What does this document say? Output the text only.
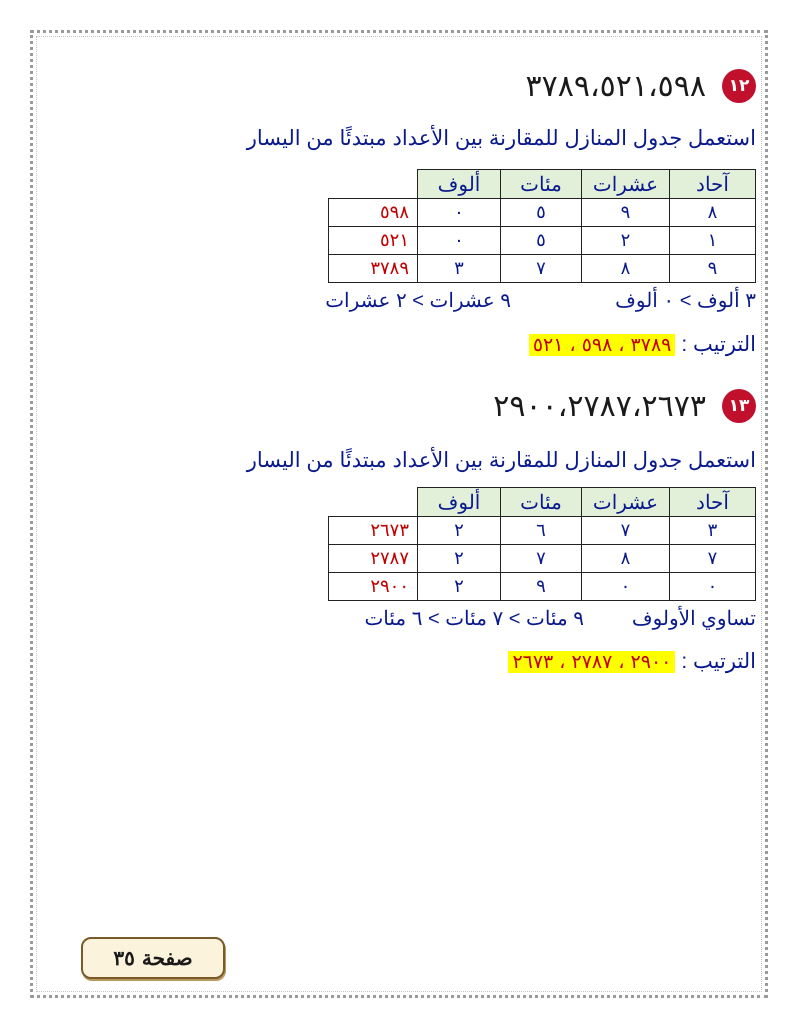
١٢
٣٧٨٩،٥٢١،٥٩٨
استعمل جدول المنازل للمقارنة بين الأعداد مبتدئًا من اليسار
آحاد	عشرات	مئات	ألوف	
٨	٩	٥	٠	٥٩٨
١	٢	٥	٠	٥٢١
٩	٨	٧	٣	٣٧٨٩
٣ ألوف > ٠ ألوف
٩ عشرات > ٢ عشرات
الترتيب :
٣٧٨٩ ، ٥٩٨ ، ٥٢١
١٣
٢٩٠٠،٢٧٨٧،٢٦٧٣
استعمل جدول المنازل للمقارنة بين الأعداد مبتدئًا من اليسار
آحاد	عشرات	مئات	ألوف	
٣	٧	٦	٢	٢٦٧٣
٧	٨	٧	٢	٢٧٨٧
٠	٠	٩	٢	٢٩٠٠
تساوي الأولوف
٩ مئات > ٧ مئات > ٦ مئات
الترتيب :
٢٩٠٠ ، ٢٧٨٧ ، ٢٦٧٣
صفحة ٣٥
